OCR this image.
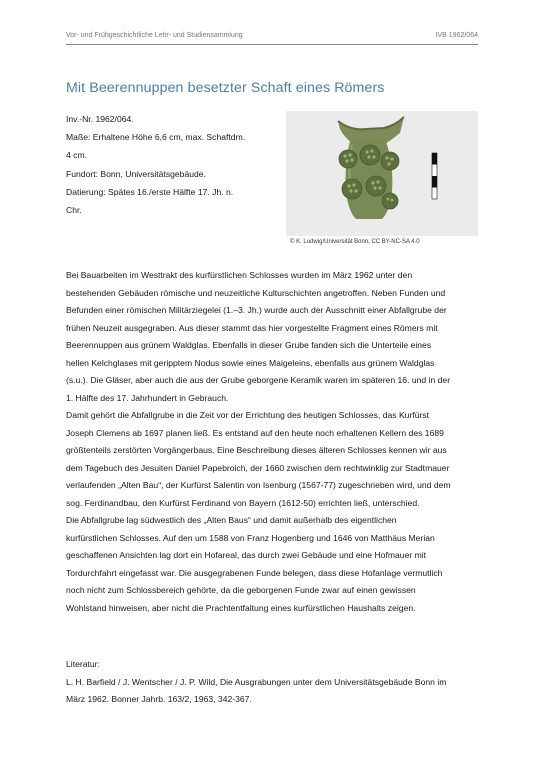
Vor- und Frühgeschichtliche Lehr- und Studiensammlung	IVB 1962/064
Mit Beerennuppen besetzter Schaft eines Römers
Inv.-Nr. 1962/064.
Maße: Erhaltene Höhe 6,6 cm, max. Schaftdm.
4 cm.
Fundort: Bonn, Universitätsgebäude.
Datierung: Spätes 16./erste Hälfte 17. Jh. n.
Chr.
© K. Ludwig/Universität Bonn, CC BY-NC-SA 4.0

Bei Bauarbeiten im Westtrakt des kurfürstlichen Schlosses wurden im März 1962 unter den

bestehenden Gebäuden römische und neuzeitliche Kulturschichten angetroffen. Neben Funden und

Befunden einer römischen Militärziegelei (1.–3. Jh.) wurde auch der Ausschnitt einer Abfallgrube der

frühen Neuzeit ausgegraben. Aus dieser stammt das hier vorgestellte Fragment eines Römers mit

Beerennuppen aus grünem Waldglas. Ebenfalls in dieser Grube fanden sich die Unterteile eines

hellen Kelchglases mit geripptem Nodus sowie eines Maigeleins, ebenfalls aus grünem Waldglas

(s.u.). Die Gläser, aber auch die aus der Grube geborgene Keramik waren im späteren 16. und in der

1. Hälfte des 17. Jahrhundert in Gebrauch.

Damit gehört die Abfallgrube in die Zeit vor der Errichtung des heutigen Schlosses, das Kurfürst

Joseph Clemens ab 1697 planen ließ. Es entstand auf den heute noch erhaltenen Kellern des 1689

größtenteils zerstörten Vorgängerbaus. Eine Beschreibung dieses älteren Schlosses kennen wir aus

dem Tagebuch des Jesuiten Daniel Papebroich, der 1660 zwischen dem rechtwinklig zur Stadtmauer

verlaufenden „Alten Bau“, der Kurfürst Salentin von Isenburg (1567-77) zugeschrieben wird, und dem

sog. Ferdinandbau, den Kurfürst Ferdinand von Bayern (1612-50) errichten ließ, unterschied.

Die Abfallgrube lag südwestlich des „Alten Baus“ und damit außerhalb des eigentlichen

kurfürstlichen Schlosses. Auf den um 1588 von Franz Hogenberg und 1646 von Matthäus Merian

geschaffenen Ansichten lag dort ein Hofareal, das durch zwei Gebäude und eine Hofmauer mit

Tordurchfahrt eingefasst war. Die ausgegrabenen Funde belegen, dass diese Hofanlage vermutlich

noch nicht zum Schlossbereich gehörte, da die geborgenen Funde zwar auf einen gewissen

Wohlstand hinweisen, aber nicht die Prachtentfaltung eines kurfürstlichen Haushalts zeigen.

Literatur:

L. H. Barfield / J. Wentscher / J. P. Wild, Die Ausgrabungen unter dem Universitätsgebäude Bonn im

März 1962. Bonner Jahrb. 163/2, 1963, 342-367.
